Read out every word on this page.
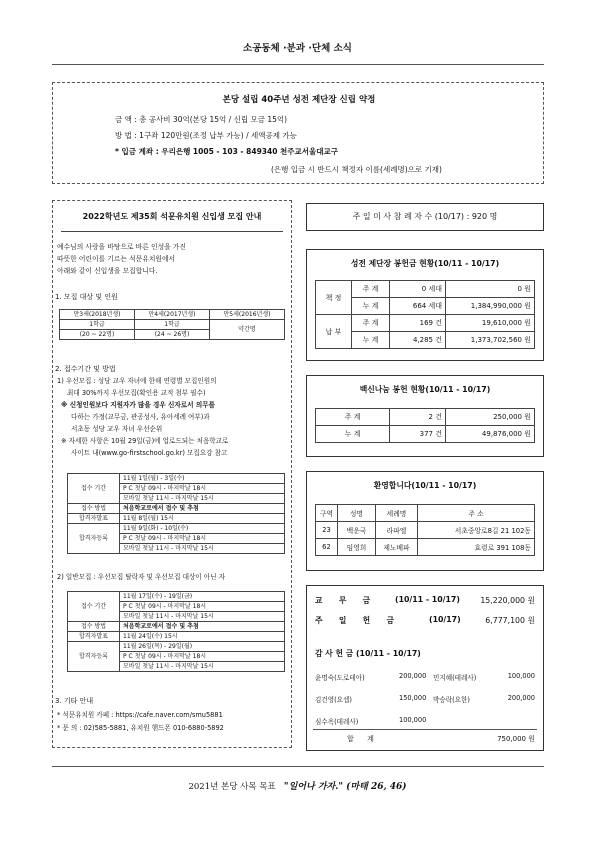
소공동체 ·분과 ·단체 소식
본당 설립 40주년 성전 제단장 신립 약정
금 액 : 총 공사비 30억(본당 15억 / 신립 모금 15억)
방 법 : 1구좌 120만원(조정 납부 가능) / 세액공제 가능
* 입금 계좌 : 우리은행 1005 - 103 - 849340 천주교서울대교구
(은행 입금 시 반드시 책정자 이름(세례명)으로 기재)
2022학년도 제35회 석문유치원 신입생 모집 안내
예수님의 사랑을 바탕으로 바른 인성을 가진
따뜻한 어린이를 기르는 석문유치원에서
아래와 같이 신입생을 모집합니다.
1. 모집 대상 및 인원
만3세(2018년생)	만4세(2017년생)	만5세(2016년생)
1학급	1학급	약간명
(20 ~ 22명)	(24 ~ 26명)	
2. 접수기간 및 방법
1) 우선모집 : 성당 교우 자녀에 한해 연령별 모집인원의
최대 30%까지 우선모집(확인용 교적 첨부 필수)
※ 신청인원보다 지원자가 많을 경우 신자로서 의무를
다하는 가정(교무금, 관공성사, 유아세례 여부)과
서초동 성당 교우 자녀 우선순위
※ 자세한 사항은 10월 29일(금)에 업로드되는 처음학교로
사이트 내(www.go-firstschool.go.kr) 모집요강 참고
접수 기간	11월 1일(월) - 3일(수)
	P C 첫날 09시 - 마지막날 18시
	모바일 첫날 11시 - 마지막날 15시
접수 방법	처음학교로에서 접수 및 추첨
합격자발표	11월 8일(월) 15시
합격자등록	11월 9일(화) - 10일(수)
	P C 첫날 09시 - 마지막날 18시
	모바일 첫날 11시 - 마지막날 15시
2) 일반모집 : 우선모집 탈락자 및 우선모집 대상이 아닌 자
접수 기간	11월 17일(수) - 19일(금)
	P C 첫날 09시 - 마지막날 18시
	모바일 첫날 11시 - 마지막날 15시
접수 방법	처음학교로에서 접수 및 추첨
합격자발표	11월 24일(수) 15시
합격자등록	11월 26일(목) - 29일(월)
	P C 첫날 09시 - 마지막날 18시
	모바일 첫날 11시 - 마지막날 15시
3. 기타 안내
* 석문유치원 카페 : https://cafe.naver.com/smu5881
* 문 의 : 02)585-5881, 유치원 핸드폰 010-6880-5892
주 일 미 사 참 례 자 수 (10/17) : 920 명
성전 제단장 봉헌금 현황(10/11 - 10/17)
책 정	주 계	0 세대	0 원
	누 계	664 세대	1,384,990,000 원
납 부	주 계	169 건	19,610,000 원
	누 계	4,285 건	1,373,702,560 원
백신나눔 봉헌 현황(10/11 - 10/17)
주 계	2 건	250,000 원
누 계	377 건	49,876,000 원
환영합니다(10/11 - 10/17)
구역	성명	세례명	주 소
23	백운국	라파엘	서초중앙로8길 21 102동
62	임영희	제노베파	효령로 391 108동
교      무      금	(10/11 - 10/17)	15,220,000 원
주      일      헌      금	(10/17)	6,777,100 원
감 사 헌 금 (10/11 - 10/17)
윤명숙(도로테아)	200,000 민지혜(테레사)	100,000
김건영(요셉)	150,000 박승락(요한)	200,000
심수옥(데레사)	100,000
합      계	750,000 원
2021년 본당 사목 목표 "일어나 가자." (마태 26, 46)
